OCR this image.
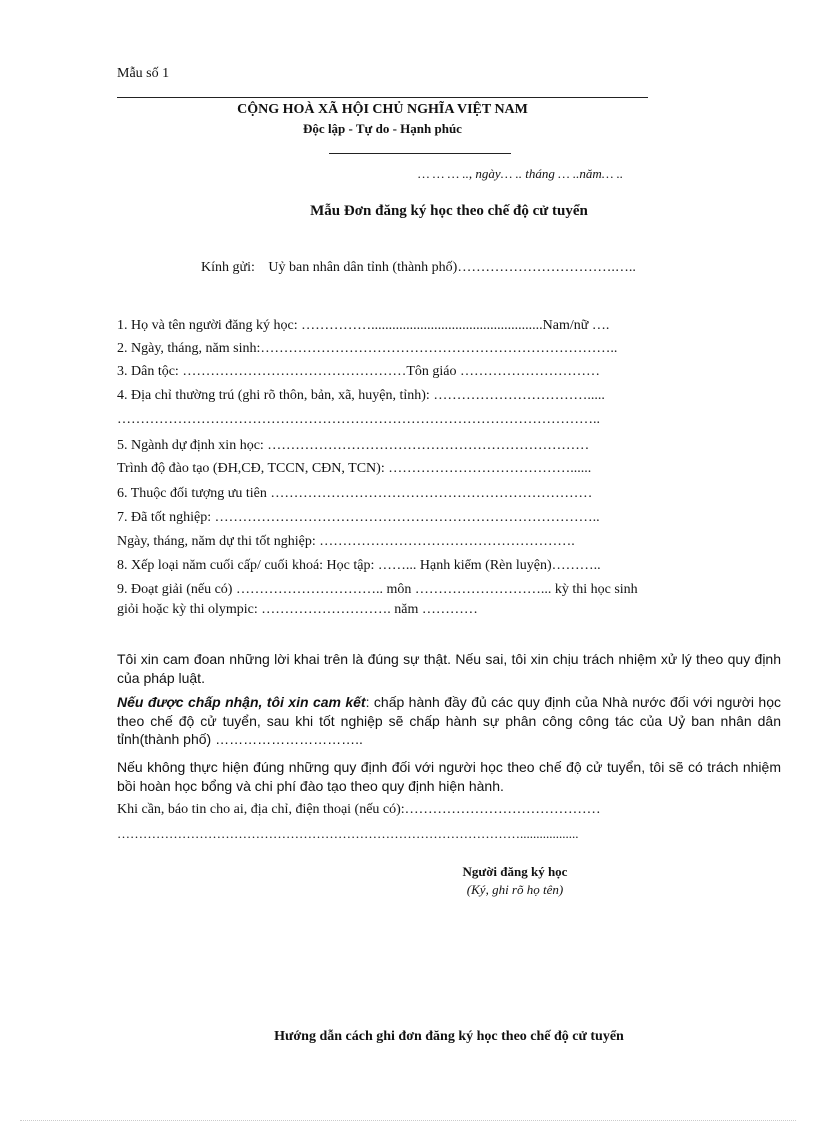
Mẫu số 1
CỘNG HOÀ XÃ HỘI CHỦ NGHĨA VIỆT NAM
Độc lập - Tự do - Hạnh phúc
… … … .., ngày… .. tháng … ..năm… ..
Mẫu Đơn đăng ký học theo chế độ cử tuyển
Kính gửi: Uỷ ban nhân dân tỉnh (thành phố)…………………………….…..
1. Họ và tên người đăng ký học: …………….................................................Nam/nữ ….
2. Ngày, tháng, năm sinh:…………………………………………………………………..
3. Dân tộc: …………………………………………Tôn giáo …………………………
4. Địa chỉ thường trú (ghi rõ thôn, bản, xã, huyện, tỉnh): …………………………….....
…………………………………………………………………………………………..
5. Ngành dự định xin học: ……………………………………………………………
Trình độ đào tạo (ĐH,CĐ, TCCN, CĐN, TCN): …………………………………......
6. Thuộc đối tượng ưu tiên ……………………………………………………………
7. Đã tốt nghiệp: ………………………………………………………………………..
Ngày, tháng, năm dự thi tốt nghiệp: ……………………………………………….
8. Xếp loại năm cuối cấp/ cuối khoá: Học tập: ……... Hạnh kiểm (Rèn luyện)………..
9. Đoạt giải (nếu có) ………………………….. môn ………………………... kỳ thi học sinh
giỏi hoặc kỳ thi olympic: ………………………. năm …………
Tôi xin cam đoan những lời khai trên là đúng sự thật. Nếu sai, tôi xin chịu trách nhiệm xử lý theo quy định của pháp luật.
Nếu được chấp nhận, tôi xin cam kết: chấp hành đầy đủ các quy định của Nhà nước đối với người học theo chế độ cử tuyển, sau khi tốt nghiệp sẽ chấp hành sự phân công công tác của Uỷ ban nhân dân tỉnh(thành phố) …………………………..
Nếu không thực hiện đúng những quy định đối với người học theo chế độ cử tuyển, tôi sẽ có trách nhiệm bồi hoàn học bổng và chi phí đào tạo theo quy định hiện hành.
Khi cần, báo tin cho ai, địa chỉ, điện thoại (nếu có):……………………………………
…………………………………………………………………………………..................
Người đăng ký học
(Ký, ghi rõ họ tên)
Hướng dẫn cách ghi đơn đăng ký học theo chế độ cử tuyển
